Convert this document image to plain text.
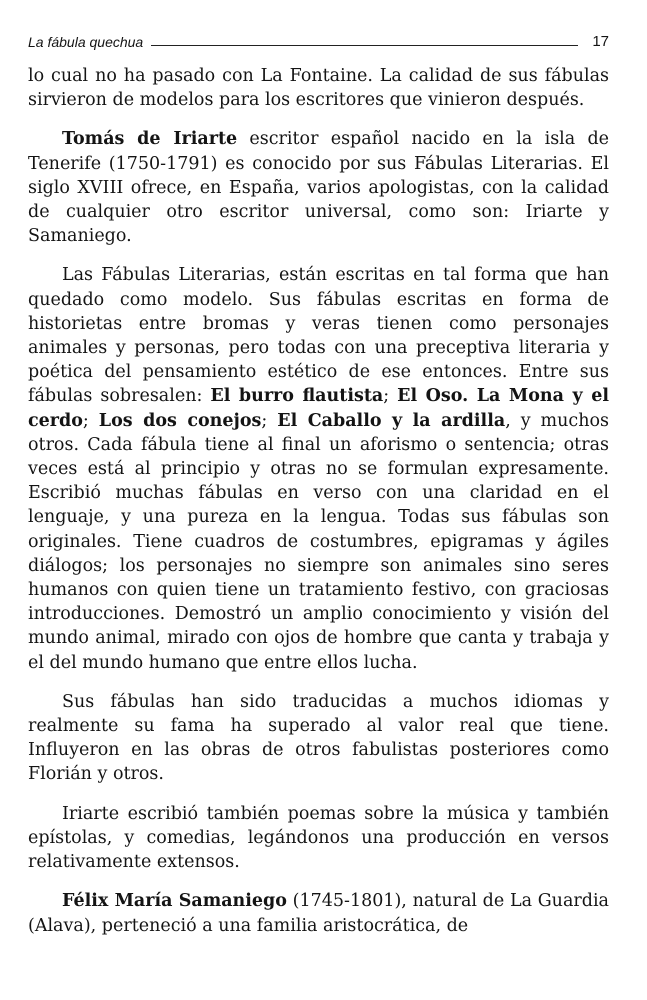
La fábula quechua	17

lo cual no ha pasado con La Fontaine. La calidad de sus fábulas sirvieron de modelos para los escritores que vinieron después.

Tomás de Iriarte escritor español nacido en la isla de Tenerife (1750-1791) es conocido por sus Fábulas Literarias. El siglo XVIII ofrece, en España, varios apologistas, con la calidad de cualquier otro escritor universal, como son: Iriarte y Samaniego.

Las Fábulas Literarias, están escritas en tal forma que han quedado como modelo. Sus fábulas escritas en forma de historietas entre bromas y veras tienen como personajes animales y personas, pero todas con una preceptiva literaria y poética del pensamiento estético de ese entonces. Entre sus fábulas sobresalen: El burro flautista; El Oso. La Mona y el cerdo; Los dos conejos; El Caballo y la ardilla, y muchos otros. Cada fábula tiene al final un aforismo o sentencia; otras veces está al principio y otras no se formulan expresamente. Escribió muchas fábulas en verso con una claridad en el lenguaje, y una pureza en la lengua. Todas sus fábulas son originales. Tiene cuadros de costumbres, epigramas y ágiles diálogos; los personajes no siempre son animales sino seres humanos con quien tiene un tratamiento festivo, con graciosas introducciones. Demostró un amplio conocimiento y visión del mundo animal, mirado con ojos de hombre que canta y trabaja y el del mundo humano que entre ellos lucha.

Sus fábulas han sido traducidas a muchos idiomas y realmente su fama ha superado al valor real que tiene. Influyeron en las obras de otros fabulistas posteriores como Florián y otros.

Iriarte escribió también poemas sobre la música y también epístolas, y comedias, legándonos una producción en versos relativamente extensos.

Félix María Samaniego (1745-1801), natural de La Guardia (Alava), perteneció a una familia aristocrática, de
